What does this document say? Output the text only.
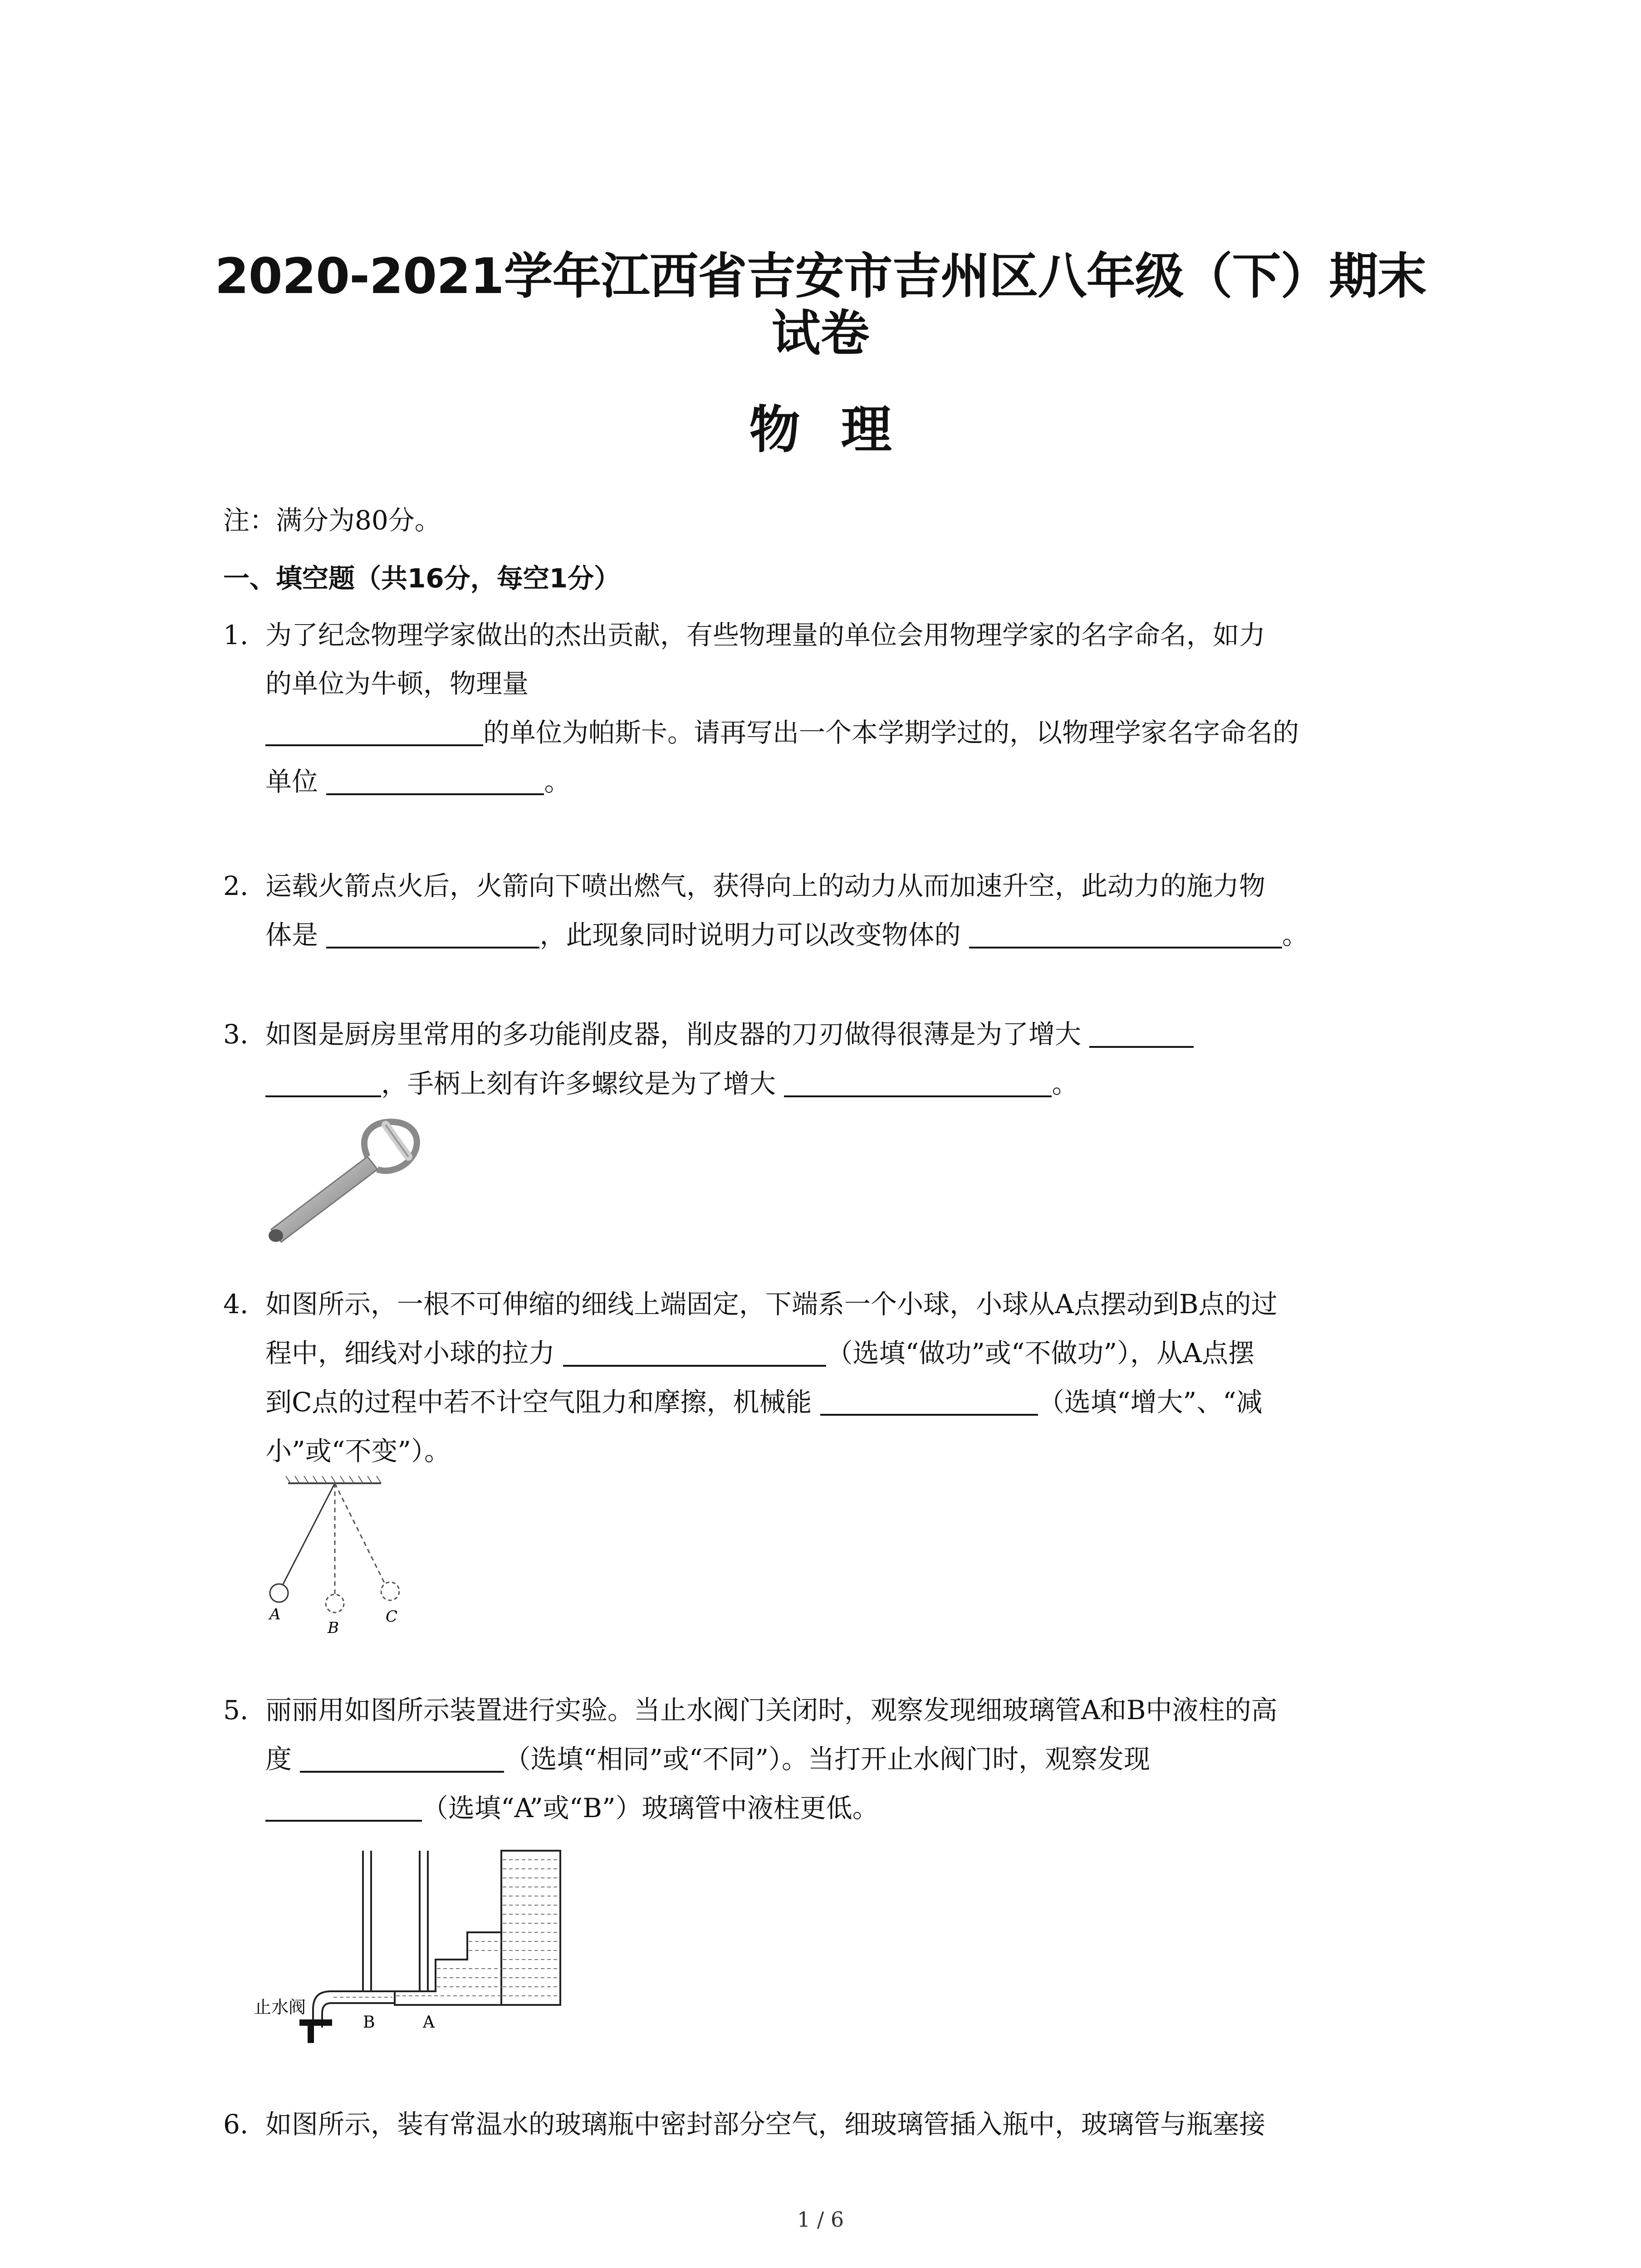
2020-2021学年江西省吉安市吉州区八年级（下）期末
试卷
物理

注：满分为80分。

一、填空题（共16分，每空1分）

1. 为了纪念物理学家做出的杰出贡献，有些物理量的单位会用物理学家的名字命名，如力

的单位为牛顿，物理量

的单位为帕斯卡。请再写出一个本学期学过的，以物理学家名字命名的

单位	。

2. 运载火箭点火后，火箭向下喷出燃气，获得向上的动力从而加速升空，此动力的施力物

体是	，此现象同时说明力可以改变物体的	。

3. 如图是厨房里常用的多功能削皮器，削皮器的刀刃做得很薄是为了增大

，手柄上刻有许多螺纹是为了增大	。

4. 如图所示，一根不可伸缩的细线上端固定，下端系一个小球，小球从A点摆动到B点的过

程中，细线对小球的拉力	（选填“做功”或“不做功”），从A点摆

到C点的过程中若不计空气阻力和摩擦，机械能	（选填“增大”、“减

小”或“不变”）。

A
B
C

5. 丽丽用如图所示装置进行实验。当止水阀门关闭时，观察发现细玻璃管A和B中液柱的高

度	（选填“相同”或“不同”）。当打开止水阀门时，观察发现

（选填“A”或“B”）玻璃管中液柱更低。

止水阀
B	A

6. 如图所示，装有常温水的玻璃瓶中密封部分空气，细玻璃管插入瓶中，玻璃管与瓶塞接

1 / 6
